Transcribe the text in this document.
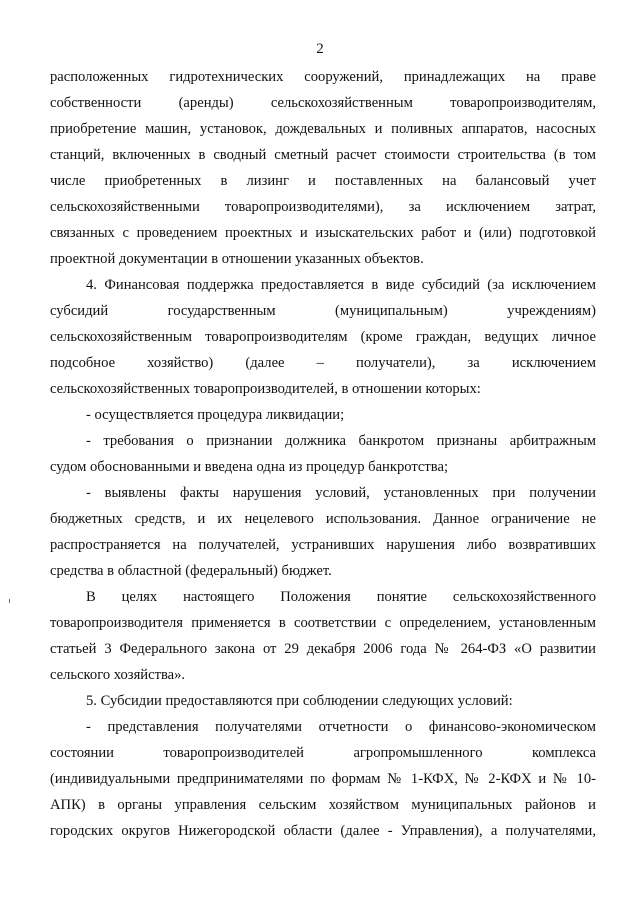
2

расположенных гидротехнических сооружений, принадлежащих на праве
собственности (аренды) сельскохозяйственным товаропроизводителям,
приобретение машин, установок, дождевальных и поливных аппаратов, насосных
станций, включенных в сводный сметный расчет стоимости строительства (в том
числе приобретенных в лизинг и поставленных на балансовый учет
сельскохозяйственными товаропроизводителями), за исключением затрат,
связанных с проведением проектных и изыскательских работ и (или) подготовкой
проектной документации в отношении указанных объектов.

4. Финансовая поддержка предоставляется в виде субсидий (за исключением
субсидий государственным (муниципальным) учреждениям)
сельскохозяйственным товаропроизводителям (кроме граждан, ведущих личное
подсобное хозяйство) (далее – получатели), за исключением
сельскохозяйственных товаропроизводителей, в отношении которых:

- осуществляется процедура ликвидации;

- требования о признании должника банкротом признаны арбитражным
судом обоснованными и введена одна из процедур банкротства;

- выявлены факты нарушения условий, установленных при получении
бюджетных средств, и их нецелевого использования. Данное ограничение не
распространяется на получателей, устранивших нарушения либо возвративших
средства в областной (федеральный) бюджет.

В целях настоящего Положения понятие сельскохозяйственного
товаропроизводителя применяется в соответствии с определением, установленным
статьей 3 Федерального закона от 29 декабря 2006 года № 264-ФЗ «О развитии
сельского хозяйства».

5. Субсидии предоставляются при соблюдении следующих условий:

- представления получателями отчетности о финансово-экономическом
состоянии товаропроизводителей агропромышленного комплекса
(индивидуальными предпринимателями по формам № 1-КФХ, № 2-КФХ и № 10-
АПК) в органы управления сельским хозяйством муниципальных районов и
городских округов Нижегородской области (далее - Управления), а получателями,
